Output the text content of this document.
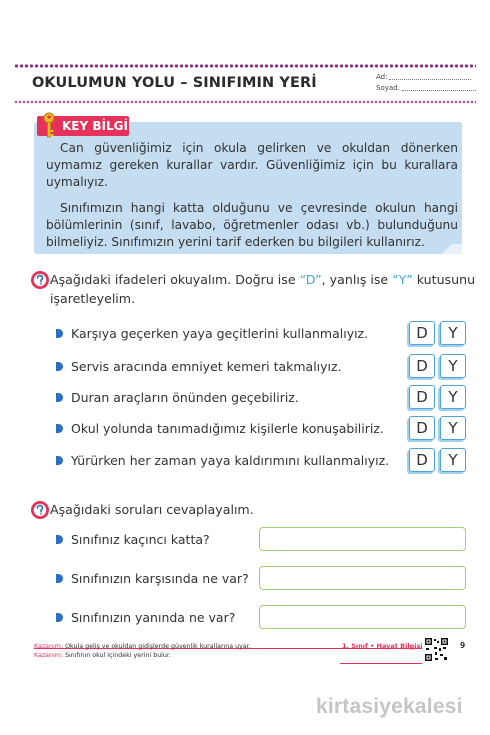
OKULUMUN YOLU – SINIFIMIN YERİ	Ad:
Soyad:
KEY BİLGİ

Can güvenliğimiz için okula gelirken ve okuldan dönerken uymamız gereken kurallar vardır. Güvenliğimiz için bu kurallara uymalıyız.

Sınıfımızın hangi katta olduğunu ve çevresinde okulun hangi bölümlerinin (sınıf, lavabo, öğretmenler odası vb.) bulunduğunu bilmeliyiz. Sınıfımızın yerini tarif ederken bu bilgileri kullanırız.

Aşağıdaki ifadeleri okuyalım. Doğru ise “D”, yanlış ise “Y” kutusunu
işaretleyelim.
Karşıya geçerken yaya geçitlerini kullanmalıyız.	D	Y
Servis aracında emniyet kemeri takmalıyız.	D	Y
Duran araçların önünden geçebiliriz.	D	Y
Okul yolunda tanımadığımız kişilerle konuşabiliriz.	D	Y
Yürürken her zaman yaya kaldırımını kullanmalıyız.	D	Y
Aşağıdaki soruları cevaplayalım.
Sınıfınız kaçıncı katta?
Sınıfınızın karşısında ne var?
Sınıfınızın yanında ne var?
Kazanım: Okula geliş ve okuldan gidişlerde güvenlik kurallarına uyar.
Kazanım: Sınıfının okul içindeki yerini bulur.
1. Sınıf • Hayat Bilgisi	9
kirtasiyekalesi
